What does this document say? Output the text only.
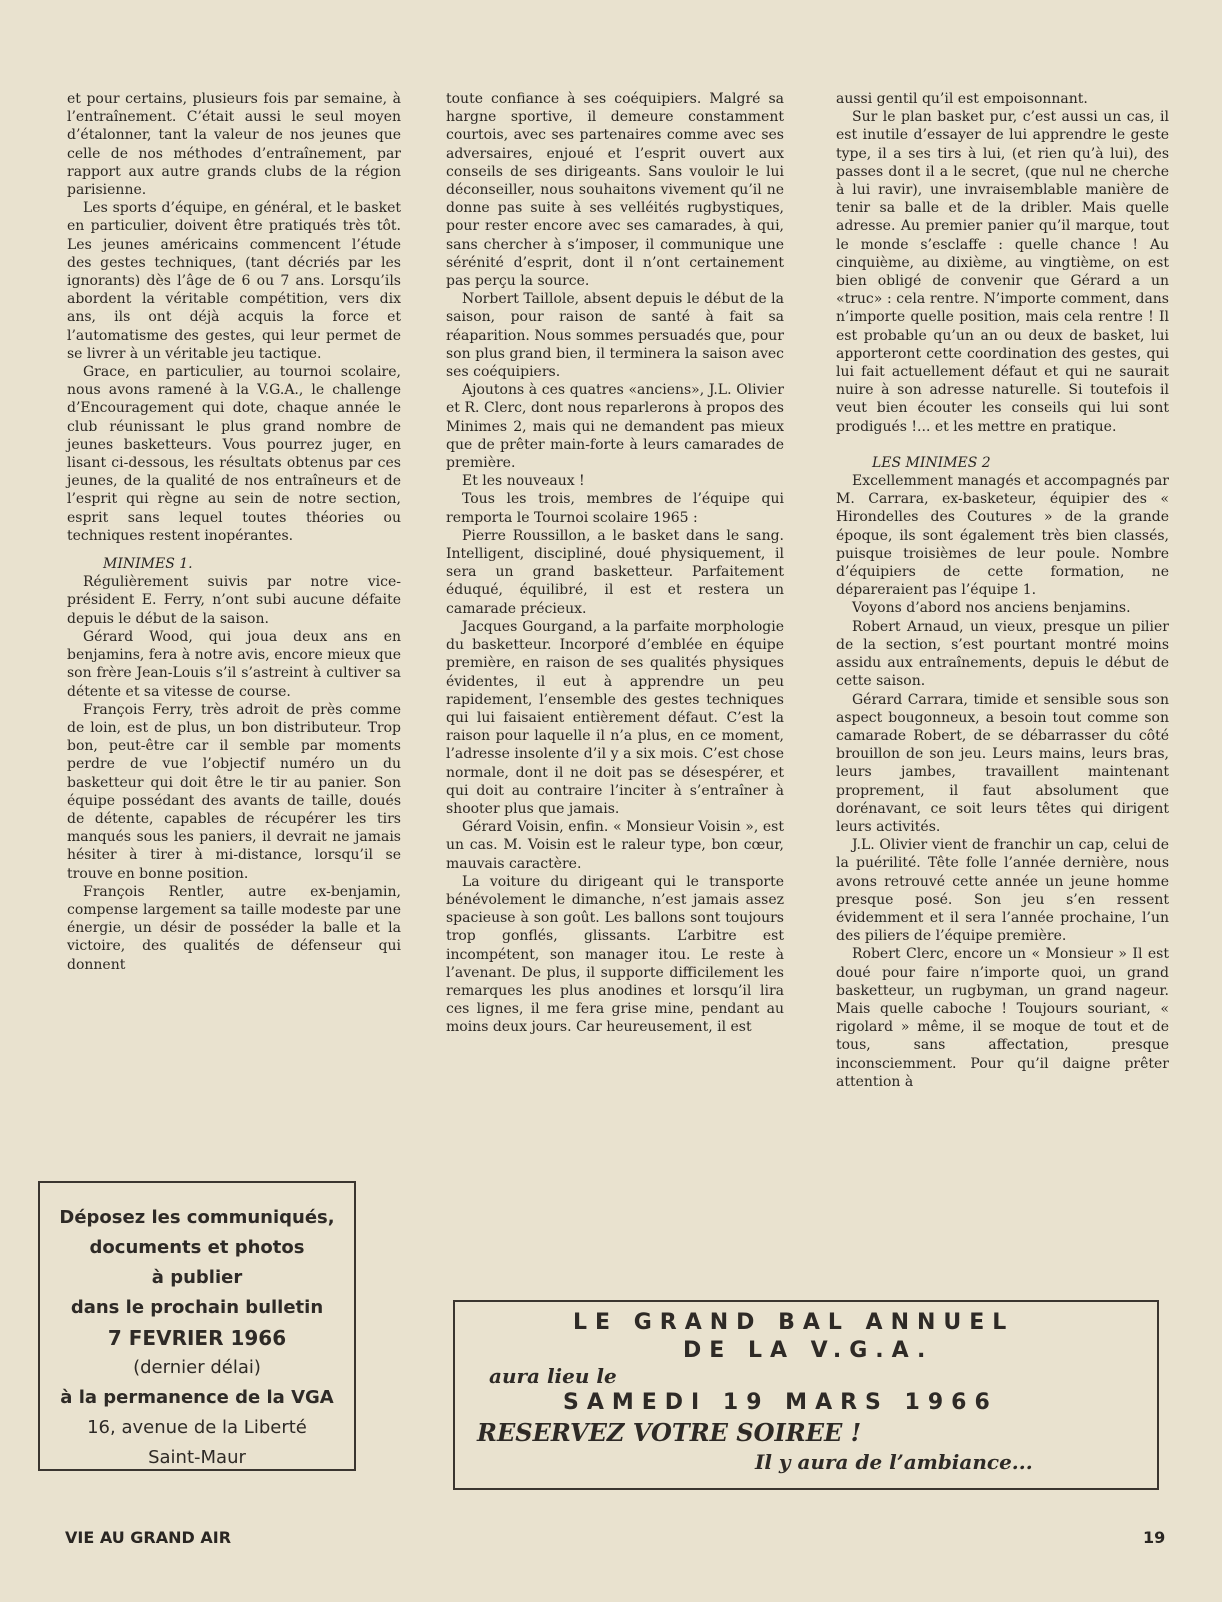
et pour certains, plusieurs fois par semaine, à l’entraînement. C’était aussi le seul moyen d’étalonner, tant la valeur de nos jeunes que celle de nos méthodes d’entraînement, par rapport aux autre grands clubs de la région parisienne.

Les sports d’équipe, en général, et le basket en particulier, doivent être pratiqués très tôt. Les jeunes américains commencent l’étude des gestes techniques, (tant décriés par les ignorants) dès l’âge de 6 ou 7 ans. Lorsqu’ils abordent la véritable compétition, vers dix ans, ils ont déjà acquis la force et l’automatisme des gestes, qui leur permet de se livrer à un véritable jeu tactique.

Grace, en particulier, au tournoi scolaire, nous avons ramené à la V.G.A., le challenge d’Encouragement qui dote, chaque année le club réunissant le plus grand nombre de jeunes basketteurs. Vous pourrez juger, en lisant ci-dessous, les résultats obtenus par ces jeunes, de la qualité de nos entraîneurs et de l’esprit qui règne au sein de notre section, esprit sans lequel toutes théories ou techniques restent inopérantes.

MINIMES 1.

Régulièrement suivis par notre vice-président E. Ferry, n’ont subi aucune défaite depuis le début de la saison.

Gérard Wood, qui joua deux ans en benjamins, fera à notre avis, encore mieux que son frère Jean-Louis s’il s’astreint à cultiver sa détente et sa vitesse de course.

François Ferry, très adroit de près comme de loin, est de plus, un bon distributeur. Trop bon, peut-être car il semble par moments perdre de vue l’objectif numéro un du basketteur qui doit être le tir au panier. Son équipe possédant des avants de taille, doués de détente, capables de récupérer les tirs manqués sous les paniers, il devrait ne jamais hésiter à tirer à mi-distance, lorsqu’il se trouve en bonne position.

François Rentler, autre ex-benjamin, compense largement sa taille modeste par une énergie, un désir de posséder la balle et la victoire, des qualités de défenseur qui donnent

toute confiance à ses coéquipiers. Malgré sa hargne sportive, il demeure constamment courtois, avec ses partenaires comme avec ses adversaires, enjoué et l’esprit ouvert aux conseils de ses dirigeants. Sans vouloir le lui déconseiller, nous souhaitons vivement qu’il ne donne pas suite à ses velléités rugbystiques, pour rester encore avec ses camarades, à qui, sans chercher à s’imposer, il communique une sérénité d’esprit, dont il n’ont certainement pas perçu la source.

Norbert Taillole, absent depuis le début de la saison, pour raison de santé à fait sa réaparition. Nous sommes persuadés que, pour son plus grand bien, il terminera la saison avec ses coéquipiers.

Ajoutons à ces quatres «anciens», J.L. Olivier et R. Clerc, dont nous reparlerons à propos des Minimes 2, mais qui ne demandent pas mieux que de prêter main-forte à leurs camarades de première.

Et les nouveaux !

Tous les trois, membres de l’équipe qui remporta le Tournoi scolaire 1965 :

Pierre Roussillon, a le basket dans le sang. Intelligent, discipliné, doué physiquement, il sera un grand basketteur. Parfaitement éduqué, équilibré, il est et restera un camarade précieux.

Jacques Gourgand, a la parfaite morphologie du basketteur. Incorporé d’emblée en équipe première, en raison de ses qualités physiques évidentes, il eut à apprendre un peu rapidement, l’ensemble des gestes techniques qui lui faisaient entièrement défaut. C’est la raison pour laquelle il n’a plus, en ce moment, l’adresse insolente d’il y a six mois. C’est chose normale, dont il ne doit pas se désespérer, et qui doit au contraire l’inciter à s’entraîner à shooter plus que jamais.

Gérard Voisin, enfin. « Monsieur Voisin », est un cas. M. Voisin est le raleur type, bon cœur, mauvais caractère.

La voiture du dirigeant qui le transporte bénévolement le dimanche, n’est jamais assez spacieuse à son goût. Les ballons sont toujours trop gonflés, glissants. L’arbitre est incompétent, son manager itou. Le reste à l’avenant. De plus, il supporte difficilement les remarques les plus anodines et lorsqu’il lira ces lignes, il me fera grise mine, pendant au moins deux jours. Car heureusement, il est

aussi gentil qu’il est empoisonnant.

Sur le plan basket pur, c’est aussi un cas, il est inutile d’essayer de lui apprendre le geste type, il a ses tirs à lui, (et rien qu’à lui), des passes dont il a le secret, (que nul ne cherche à lui ravir), une invraisemblable manière de tenir sa balle et de la dribler. Mais quelle adresse. Au premier panier qu’il marque, tout le monde s’esclaffe : quelle chance ! Au cinquième, au dixième, au vingtième, on est bien obligé de convenir que Gérard a un «truc» : cela rentre. N’importe comment, dans n’importe quelle position, mais cela rentre ! Il est probable qu’un an ou deux de basket, lui apporteront cette coordination des gestes, qui lui fait actuellement défaut et qui ne saurait nuire à son adresse naturelle. Si toutefois il veut bien écouter les conseils qui lui sont prodigués !... et les mettre en pratique.

LES MINIMES 2

Excellemment managés et accompagnés par M. Carrara, ex-basketeur, équipier des « Hirondelles des Coutures » de la grande époque, ils sont également très bien classés, puisque troisièmes de leur poule. Nombre d’équipiers de cette formation, ne dépareraient pas l’équipe 1.

Voyons d’abord nos anciens benjamins.

Robert Arnaud, un vieux, presque un pilier de la section, s’est pourtant montré moins assidu aux entraînements, depuis le début de cette saison.

Gérard Carrara, timide et sensible sous son aspect bougonneux, a besoin tout comme son camarade Robert, de se débarrasser du côté brouillon de son jeu. Leurs mains, leurs bras, leurs jambes, travaillent maintenant proprement, il faut absolument que dorénavant, ce soit leurs têtes qui dirigent leurs activités.

J.L. Olivier vient de franchir un cap, celui de la puérilité. Tête folle l’année dernière, nous avons retrouvé cette année un jeune homme presque posé. Son jeu s’en ressent évidemment et il sera l’année prochaine, l’un des piliers de l’équipe première.

Robert Clerc, encore un « Monsieur » Il est doué pour faire n’importe quoi, un grand basketteur, un rugbyman, un grand nageur. Mais quelle caboche ! Toujours souriant, « rigolard » même, il se moque de tout et de tous, sans affectation, presque inconsciemment. Pour qu’il daigne prêter attention à

Déposez les communiqués,
documents et photos
à publier
dans le prochain bulletin
7 FEVRIER 1966
(dernier délai)
à la permanence de la VGA
16, avenue de la Liberté
Saint-Maur
LE GRAND BAL ANNUEL
DE LA V.G.A.
aura lieu le
SAMEDI 19 MARS 1966
RESERVEZ VOTRE SOIREE !
Il y aura de l’ambiance...
VIE AU GRAND AIR	19
